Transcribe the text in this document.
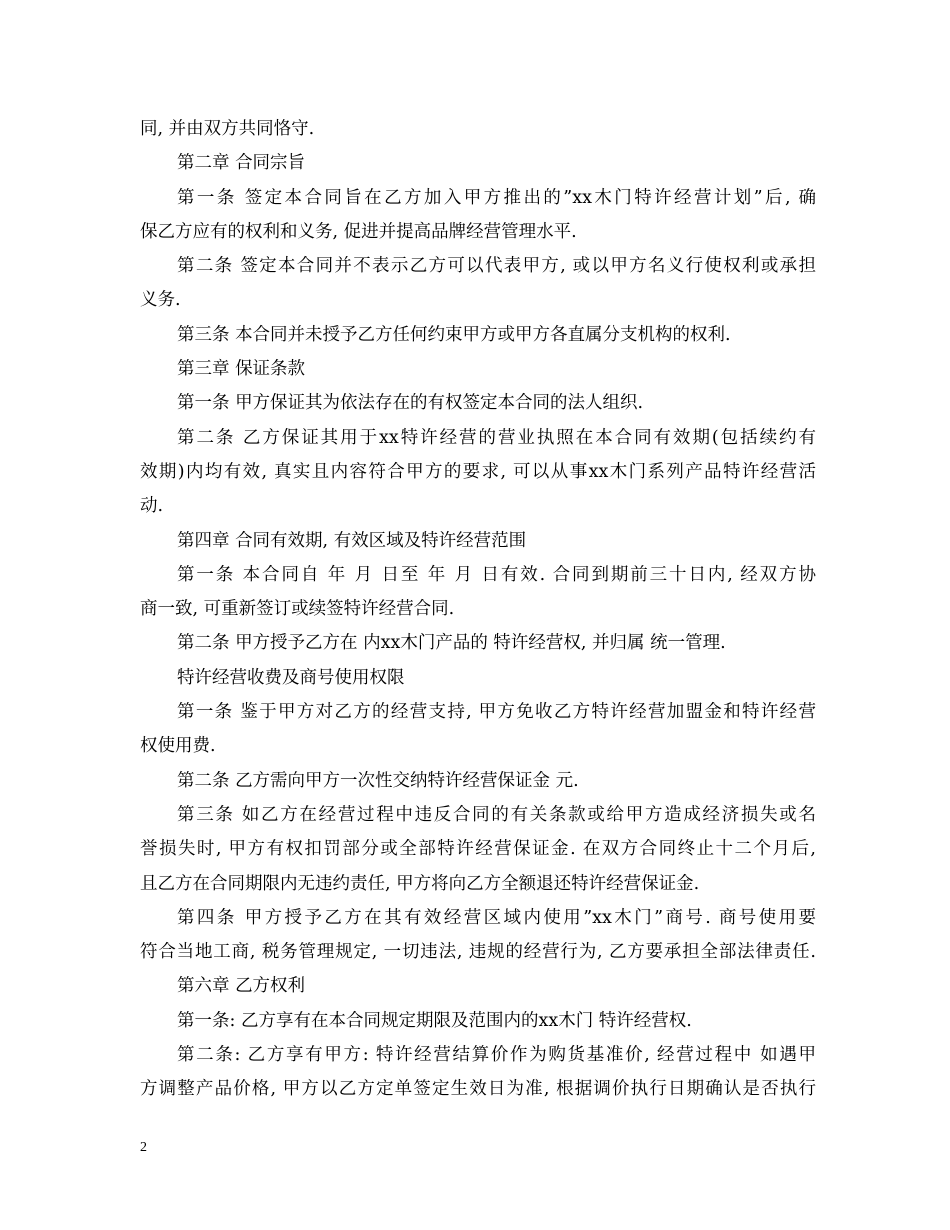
同, 并由双方共同恪守.
第二章 合同宗旨
第一条 签定本合同旨在乙方加入甲方推出的”xx木门特许经营计划”后, 确
保乙方应有的权利和义务, 促进并提高品牌经营管理水平.
第二条 签定本合同并不表示乙方可以代表甲方, 或以甲方名义行使权利或承担
义务.
第三条 本合同并未授予乙方任何约束甲方或甲方各直属分支机构的权利.
第三章 保证条款
第一条 甲方保证其为依法存在的有权签定本合同的法人组织.
第二条 乙方保证其用于xx特许经营的营业执照在本合同有效期(包括续约有
效期)内均有效, 真实且内容符合甲方的要求, 可以从事xx木门系列产品特许经营活
动.
第四章 合同有效期, 有效区域及特许经营范围
第一条 本合同自 年 月 日至 年 月 日有效. 合同到期前三十日内, 经双方协
商一致, 可重新签订或续签特许经营合同.
第二条 甲方授予乙方在 内xx木门产品的 特许经营权, 并归属 统一管理.
特许经营收费及商号使用权限
第一条 鉴于甲方对乙方的经营支持, 甲方免收乙方特许经营加盟金和特许经营
权使用费.
第二条 乙方需向甲方一次性交纳特许经营保证金 元.
第三条 如乙方在经营过程中违反合同的有关条款或给甲方造成经济损失或名
誉损失时, 甲方有权扣罚部分或全部特许经营保证金. 在双方合同终止十二个月后,
且乙方在合同期限内无违约责任, 甲方将向乙方全额退还特许经营保证金.
第四条 甲方授予乙方在其有效经营区域内使用”xx木门”商号. 商号使用要
符合当地工商, 税务管理规定, 一切违法, 违规的经营行为, 乙方要承担全部法律责任.
第六章 乙方权利
第一条: 乙方享有在本合同规定期限及范围内的xx木门 特许经营权.
第二条: 乙方享有甲方: 特许经营结算价作为购货基准价, 经营过程中 如遇甲
方调整产品价格, 甲方以乙方定单签定生效日为准, 根据调价执行日期确认是否执行
2
